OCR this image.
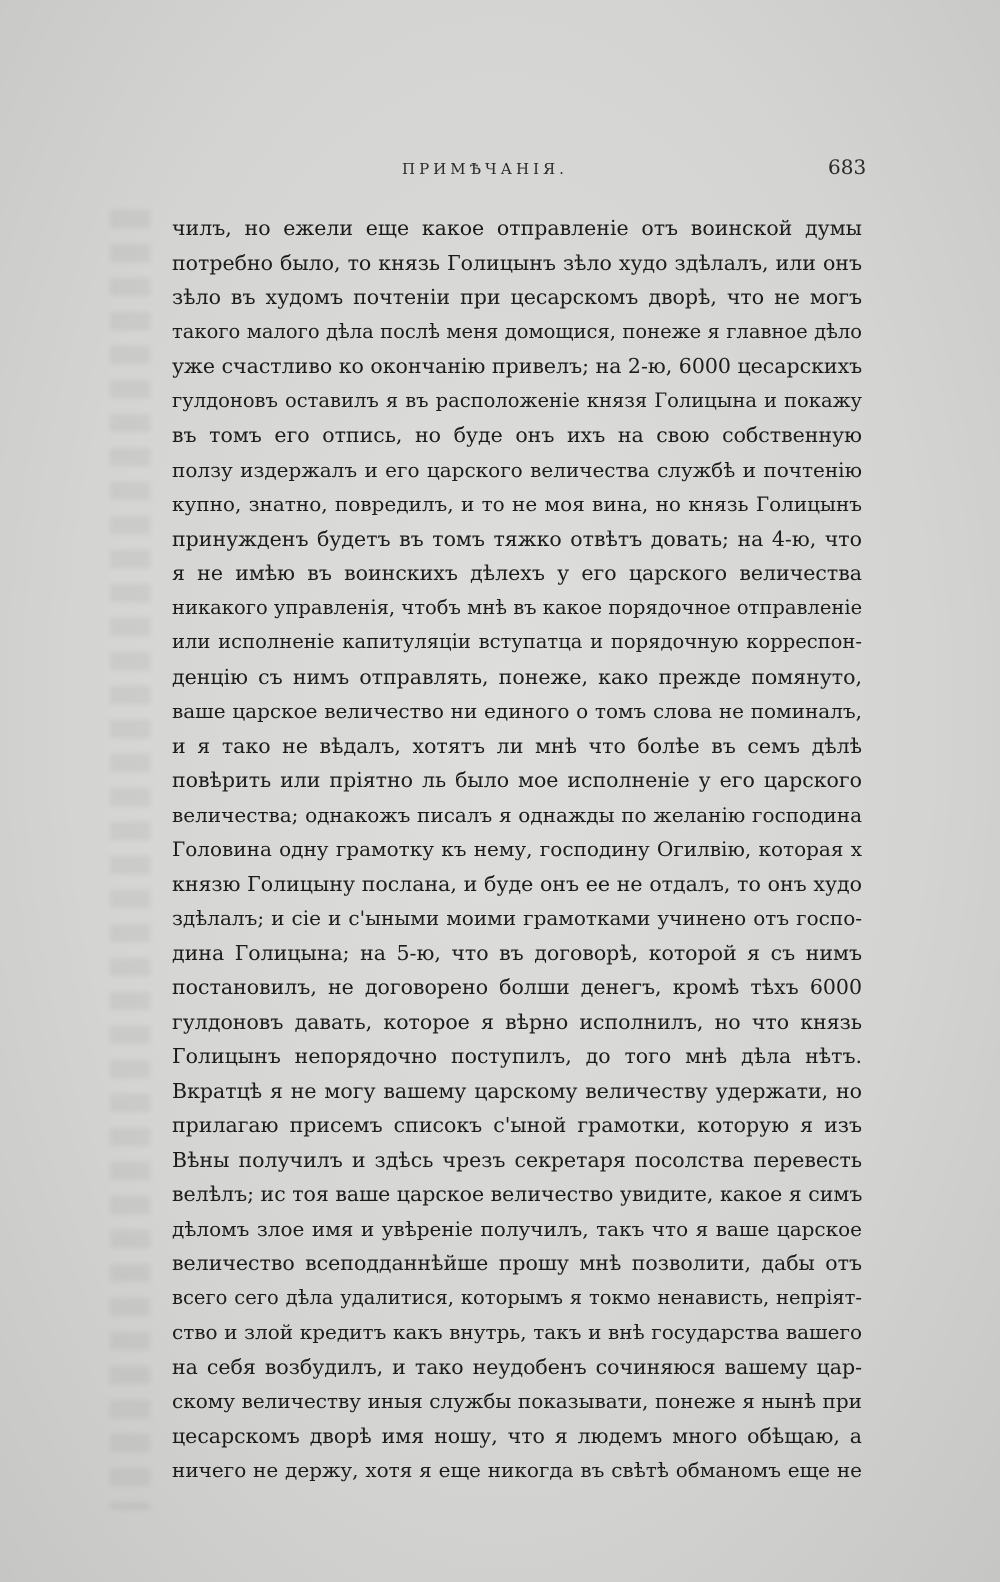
ПРИМѢЧАНІЯ.	683
чилъ, но ежели еще какое отправленіе отъ воинской думы
потребно было, то князь Голицынъ зѣло худо здѣлалъ, или онъ
зѣло въ худомъ почтеніи при цесарскомъ дворѣ, что не могъ
такого малого дѣла послѣ меня домощися, понеже я главное дѣло
уже счастливо ко окончанію привелъ; на 2-ю, 6000 цесарскихъ
гулдоновъ оставилъ я въ расположеніе князя Голицына и покажу
въ томъ его отпись, но буде онъ ихъ на свою собственную
ползу издержалъ и его царского величества службѣ и почтенію
купно, знатно, повредилъ, и то не моя вина, но князь Голицынъ
принужденъ будетъ въ томъ тяжко отвѣтъ довать; на 4-ю, что
я не имѣю въ воинскихъ дѣлехъ у его царского величества
никакого управленія, чтобъ мнѣ въ какое порядочное отправленіе
или исполненіе капитуляціи вступатца и порядочную корреспон-
денцію съ нимъ отправлять, понеже, како прежде помянуто,
ваше царское величество ни единого о томъ слова не поминалъ,
и я тако не вѣдалъ, хотятъ ли мнѣ что болѣе въ семъ дѣлѣ
повѣрить или пріятно ль было мое исполненіе у его царского
величества; однакожъ писалъ я однажды по желанію господина
Головина одну грамотку къ нему, господину Огилвію, которая х
князю Голицыну послана, и буде онъ ее не отдалъ, то онъ худо
здѣлалъ; и сіе и с'ыными моими грамотками учинено отъ госпо-
дина Голицына; на 5-ю, что въ договорѣ, которой я съ нимъ
постановилъ, не договорено болши денегъ, кромѣ тѣхъ 6000
гулдоновъ давать, которое я вѣрно исполнилъ, но что князь
Голицынъ непорядочно поступилъ, до того мнѣ дѣла нѣтъ.
Вкратцѣ я не могу вашему царскому величеству удержати, но
прилагаю присемъ списокъ с'ыной грамотки, которую я изъ
Вѣны получилъ и здѣсь чрезъ секретаря посолства перевесть
велѣлъ; ис тоя ваше царское величество увидите, какое я симъ
дѣломъ злое имя и увѣреніе получилъ, такъ что я ваше царское
величество всеподданнѣйше прошу мнѣ позволити, дабы отъ
всего сего дѣла удалитися, которымъ я токмо ненависть, непріят-
ство и злой кредитъ какъ внутрь, такъ и внѣ государства вашего
на себя возбудилъ, и тако неудобенъ сочиняюся вашему цар-
скому величеству иныя службы показывати, понеже я нынѣ при
цесарскомъ дворѣ имя ношу, что я людемъ много обѣщаю, а
ничего не держу, хотя я еще никогда въ свѣтѣ обманомъ еще не
